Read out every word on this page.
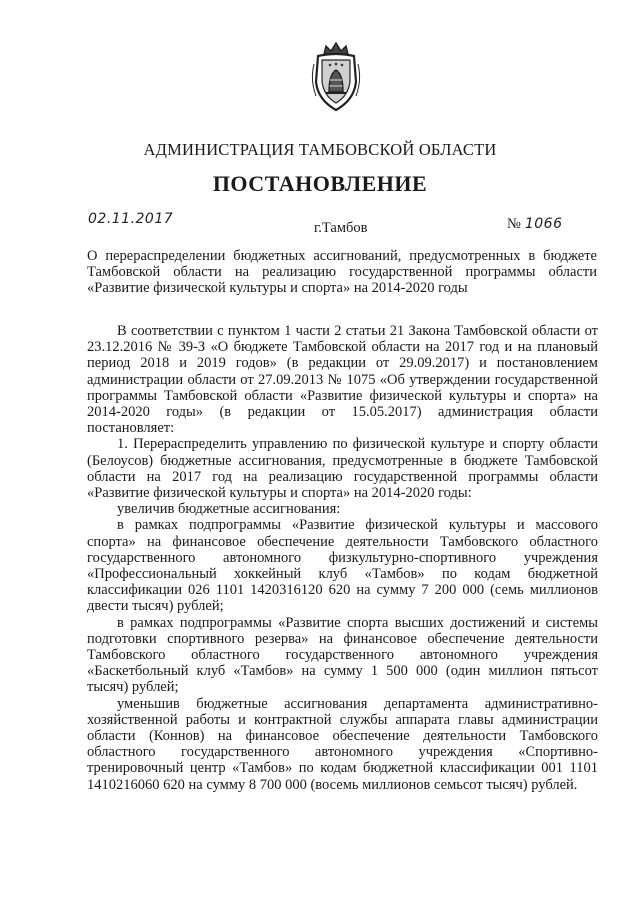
АДМИНИСТРАЦИЯ ТАМБОВСКОЙ ОБЛАСТИ
ПОСТАНОВЛЕНИЕ
02.11.2017
г.Тамбов	№ 1066
О перераспределении бюджетных ассигнований, предусмотренных в бюджете
Тамбовской области на реализацию государственной программы области
«Развитие физической культуры и спорта» на 2014-2020 годы

В соответствии с пунктом 1 части 2 статьи 21 Закона Тамбовской области от 23.12.2016 № 39-З «О бюджете Тамбовской области на 2017 год и на плановый период 2018 и 2019 годов» (в редакции от 29.09.2017) и постановлением администрации области от 27.09.2013 № 1075 «Об утверждении государственной программы Тамбовской области «Развитие физической культуры и спорта» на 2014-2020 годы» (в редакции от 15.05.2017) администрация области постановляет:

1. Перераспределить управлению по физической культуре и спорту области (Белоусов) бюджетные ассигнования, предусмотренные в бюджете Тамбовской области на 2017 год на реализацию государственной программы области «Развитие физической культуры и спорта» на 2014-2020 годы:

увеличив бюджетные ассигнования:

в рамках подпрограммы «Развитие физической культуры и массового спорта» на финансовое обеспечение деятельности Тамбовского областного государственного автономного физкультурно-спортивного учреждения «Профессиональный хоккейный клуб «Тамбов» по кодам бюджетной классификации 026 1101 1420316120 620 на сумму 7 200 000 (семь миллионов двести тысяч) рублей;

в рамках подпрограммы «Развитие спорта высших достижений и системы подготовки спортивного резерва» на финансовое обеспечение деятельности Тамбовского областного государственного автономного учреждения «Баскетбольный клуб «Тамбов» на сумму 1 500 000 (один миллион пятьсот тысяч) рублей;

уменьшив бюджетные ассигнования департамента административно-хозяйственной работы и контрактной службы аппарата главы администрации области (Коннов) на финансовое обеспечение деятельности Тамбовского областного государственного автономного учреждения «Спортивно-тренировочный центр «Тамбов» по кодам бюджетной классификации 001 1101 1410216060 620 на сумму 8 700 000 (восемь миллионов семьсот тысяч) рублей.
